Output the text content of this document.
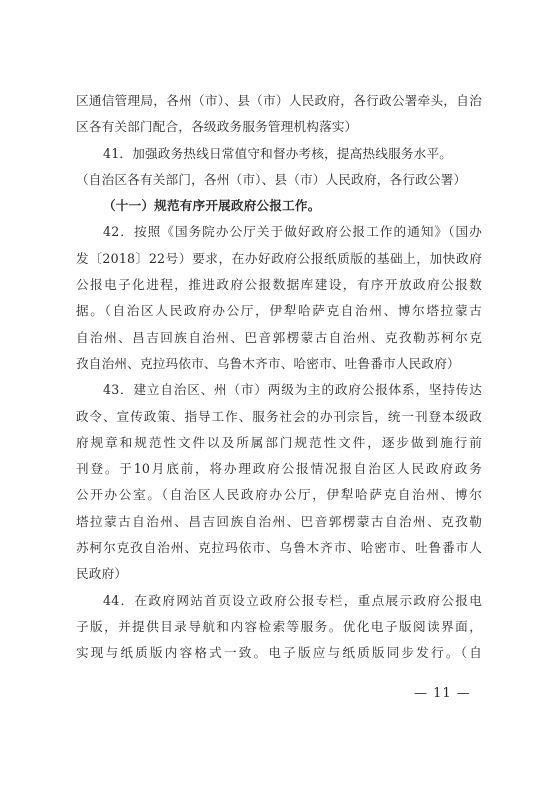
区通信管理局，各州（市）、县（市）人民政府，各行政公署牵头，自治

区各有关部门配合，各级政务服务管理机构落实）

41．加强政务热线日常值守和督办考核，提高热线服务水平。

（自治区各有关部门，各州（市）、县（市）人民政府，各行政公署）

（十一）规范有序开展政府公报工作。

42．按照《国务院办公厅关于做好政府公报工作的通知》（国办

发〔2018〕22号）要求，在办好政府公报纸质版的基础上，加快政府

公报电子化进程，推进政府公报数据库建设，有序开放政府公报数

据。（自治区人民政府办公厅，伊犁哈萨克自治州、博尔塔拉蒙古

自治州、昌吉回族自治州、巴音郭楞蒙古自治州、克孜勒苏柯尔克

孜自治州、克拉玛依市、乌鲁木齐市、哈密市、吐鲁番市人民政府）

43．建立自治区、州（市）两级为主的政府公报体系，坚持传达

政令、宣传政策、指导工作、服务社会的办刊宗旨，统一刊登本级政

府规章和规范性文件以及所属部门规范性文件，逐步做到施行前

刊登。于10月底前，将办理政府公报情况报自治区人民政府政务

公开办公室。（自治区人民政府办公厅，伊犁哈萨克自治州、博尔

塔拉蒙古自治州、昌吉回族自治州、巴音郭楞蒙古自治州、克孜勒

苏柯尔克孜自治州、克拉玛依市、乌鲁木齐市、哈密市、吐鲁番市人

民政府）

44．在政府网站首页设立政府公报专栏，重点展示政府公报电

子版，并提供目录导航和内容检索等服务。优化电子版阅读界面，

实现与纸质版内容格式一致。电子版应与纸质版同步发行。（自

— 11 —
